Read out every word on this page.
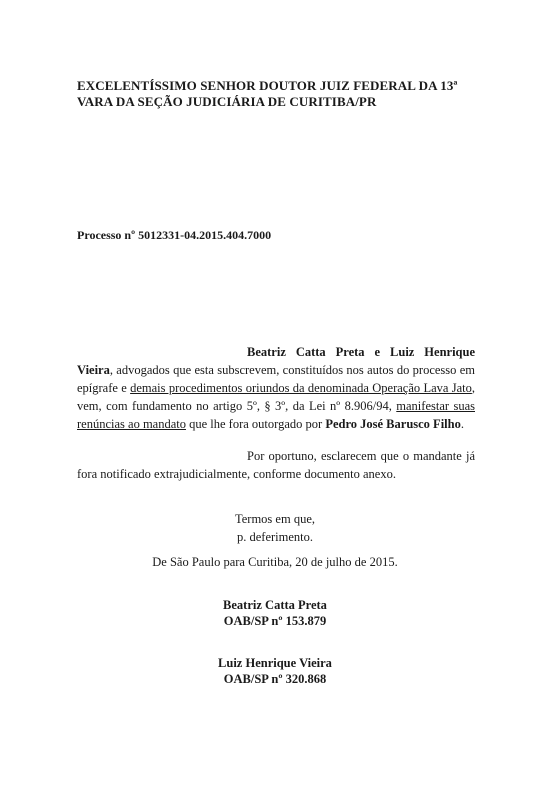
EXCELENTÍSSIMO SENHOR DOUTOR JUIZ FEDERAL DA 13ª
VARA DA SEÇÃO JUDICIÁRIA DE CURITIBA/PR
Processo nº 5012331-04.2015.404.7000
Beatriz Catta Preta e Luiz Henrique Vieira, advogados que esta subscrevem, constituídos nos autos do processo em epígrafe e demais procedimentos oriundos da denominada Operação Lava Jato, vem, com fundamento no artigo 5º, § 3º, da Lei nº 8.906/94, manifestar suas renúncias ao mandato que lhe fora outorgado por Pedro José Barusco Filho.
Por oportuno, esclarecem que o mandante já fora notificado extrajudicialmente, conforme documento anexo.
Termos em que,
p. deferimento.
De São Paulo para Curitiba, 20 de julho de 2015.
Beatriz Catta Preta
OAB/SP nº 153.879
Luiz Henrique Vieira
OAB/SP nº 320.868
